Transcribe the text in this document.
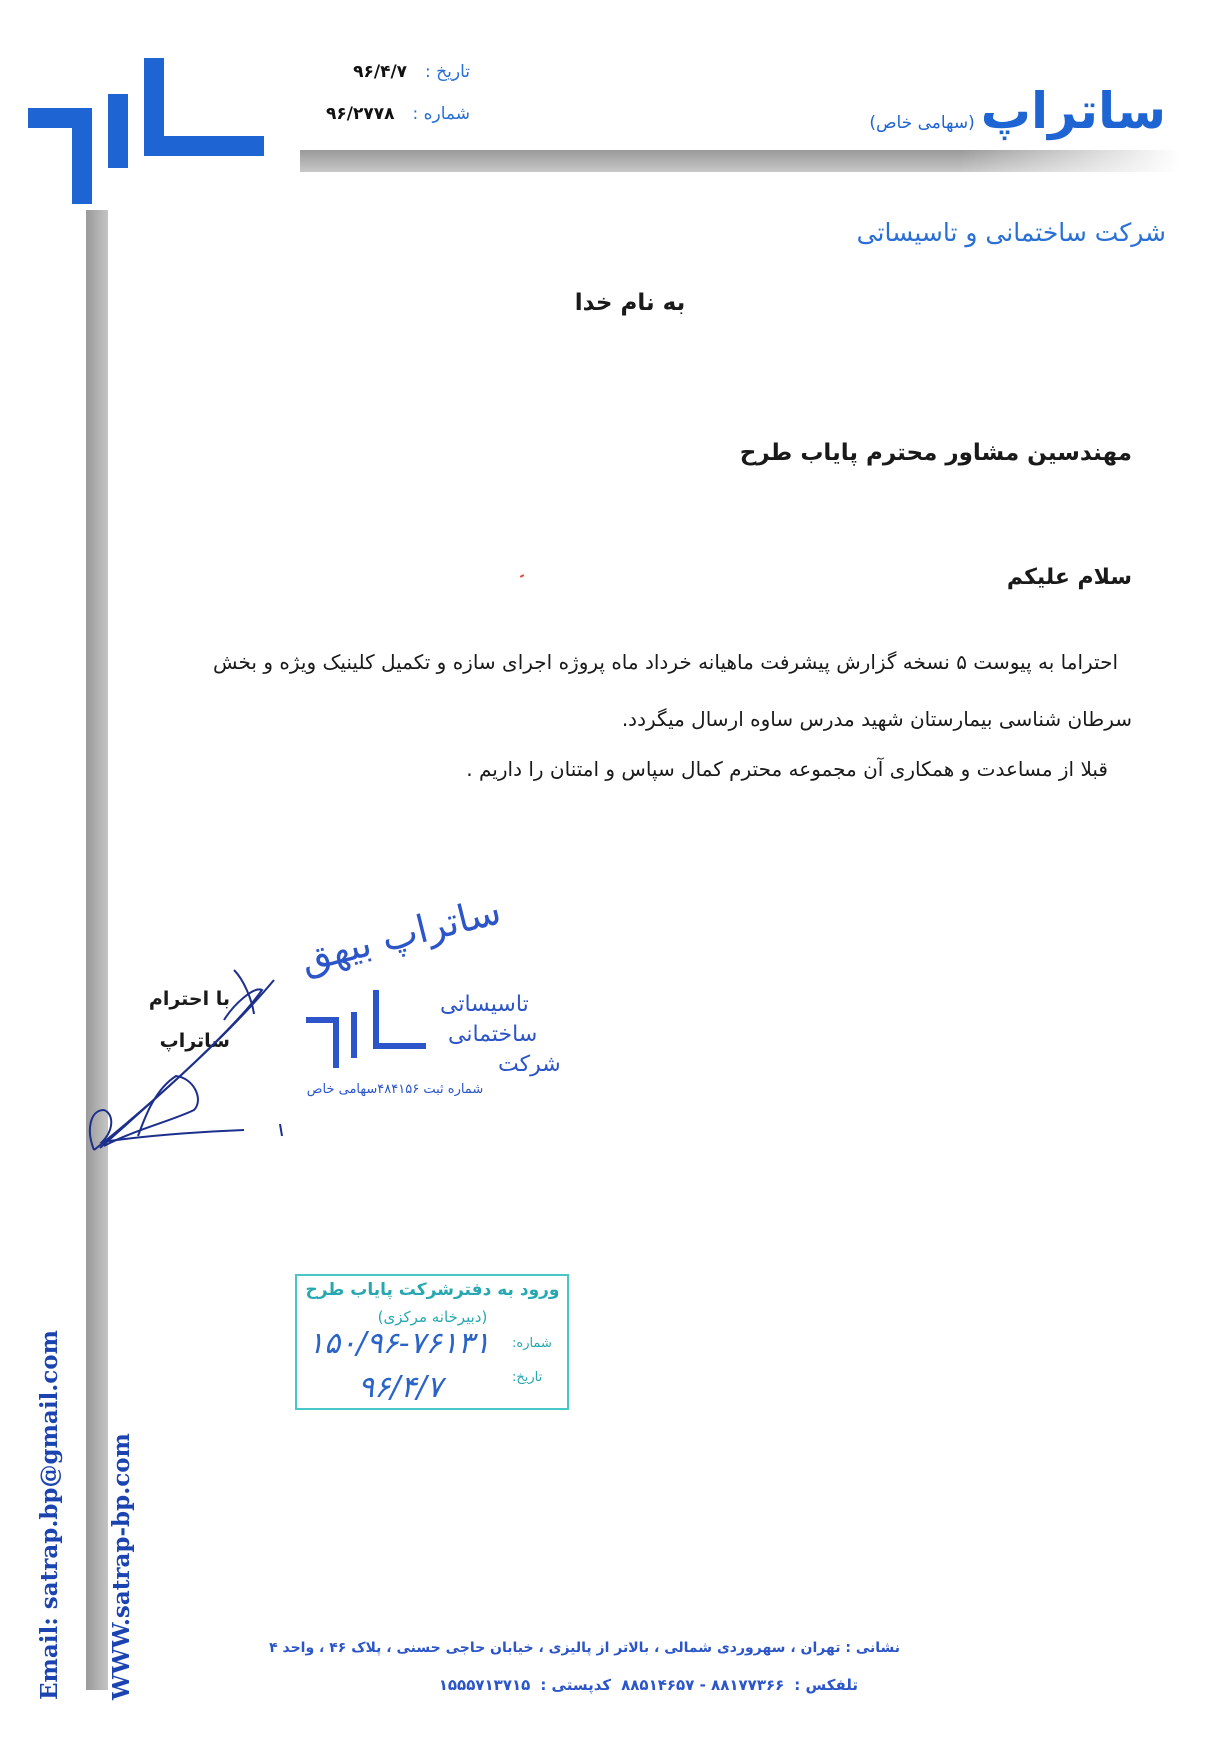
تاریخ :
۹۶/۴/۷
شماره :
۹۶/۲۷۷۸	ساتراپ
(سهامی خاص)
شرکت ساختمانی و تاسیساتی
به نام خدا
مهندسین مشاور محترم پایاب طرح
سلام علیکم
احتراما به پیوست ۵ نسخه گزارش پیشرفت ماهیانه خرداد ماه پروژه اجرای سازه و تکمیل کلینیک ویژه و بخش
سرطان شناسی بیمارستان شهید مدرس ساوه ارسال میگردد.
قبلا از مساعدت و همکاری آن مجموعه محترم کمال سپاس و امتنان را داریم .
با احترام
ساتراپ
ساتراپ بیهق
تاسیساتی
ساختمانی
شرکت
شماره ثبت ۴۸۴۱۵۶سهامی خاص
ورود به دفترشرکت پایاب طرح
(دبیرخانه مرکزی)
شماره:
تاریخ:
۱۵۰/۹۶-۷۶۱۳۱
۹۶/۴/۷
Email: satrap.bp@gmail.com WWW.satrap-bp.com	نشانی : تهران ، سهروردی شمالی ، بالاتر از پالیزی ، خیابان حاجی حسنی ، پلاک ۴۶ ، واحد ۴
تلفکس :
۸۸۱۷۷۳۶۶ - ۸۸۵۱۴۶۵۷
کدپستی :
۱۵۵۵۷۱۳۷۱۵
